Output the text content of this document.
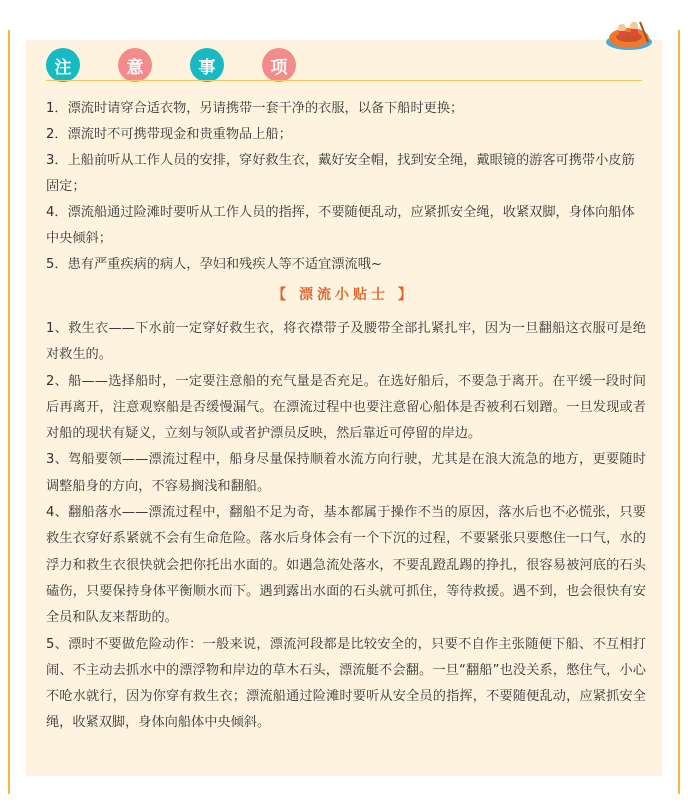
注	意	事	项

1．漂流时请穿合适衣物，另请携带一套干净的衣服，以备下船时更换；

2．漂流时不可携带现金和贵重物品上船；

3．上船前听从工作人员的安排，穿好救生衣，戴好安全帽，找到安全绳，戴眼镜的游客可携带小皮筋固定；

4．漂流船通过险滩时要听从工作人员的指挥，不要随便乱动，应紧抓安全绳，收紧双脚，身体向船体中央倾斜；

5．患有严重疾病的病人，孕妇和残疾人等不适宜漂流哦~

【 漂流小贴士 】

1、救生衣——下水前一定穿好救生衣，将衣襟带子及腰带全部扎紧扎牢，因为一旦翻船这衣服可是绝对救生的。

2、船——选择船时，一定要注意船的充气量是否充足。在选好船后，不要急于离开。在平缓一段时间后再离开，注意观察船是否缓慢漏气。在漂流过程中也要注意留心船体是否被利石划蹭。一旦发现或者对船的现状有疑义，立刻与领队或者护漂员反映，然后靠近可停留的岸边。

3、驾船要领——漂流过程中，船身尽量保持顺着水流方向行驶，尤其是在浪大流急的地方，更要随时调整船身的方向，不容易搁浅和翻船。

4、翻船落水——漂流过程中，翻船不足为奇，基本都属于操作不当的原因，落水后也不必慌张，只要救生衣穿好系紧就不会有生命危险。落水后身体会有一个下沉的过程，不要紧张只要憋住一口气，水的浮力和救生衣很快就会把你托出水面的。如遇急流处落水，不要乱蹬乱踢的挣扎，很容易被河底的石头磕伤，只要保持身体平衡顺水而下。遇到露出水面的石头就可抓住，等待救援。遇不到，也会很快有安全员和队友来帮助的。

5、漂时不要做危险动作：一般来说，漂流河段都是比较安全的，只要不自作主张随便下船、不互相打闹、不主动去抓水中的漂浮物和岸边的草木石头，漂流艇不会翻。一旦“翻船”也没关系，憋住气，小心不呛水就行，因为你穿有救生衣；漂流船通过险滩时要听从安全员的指挥，不要随便乱动，应紧抓安全绳，收紧双脚，身体向船体中央倾斜。
